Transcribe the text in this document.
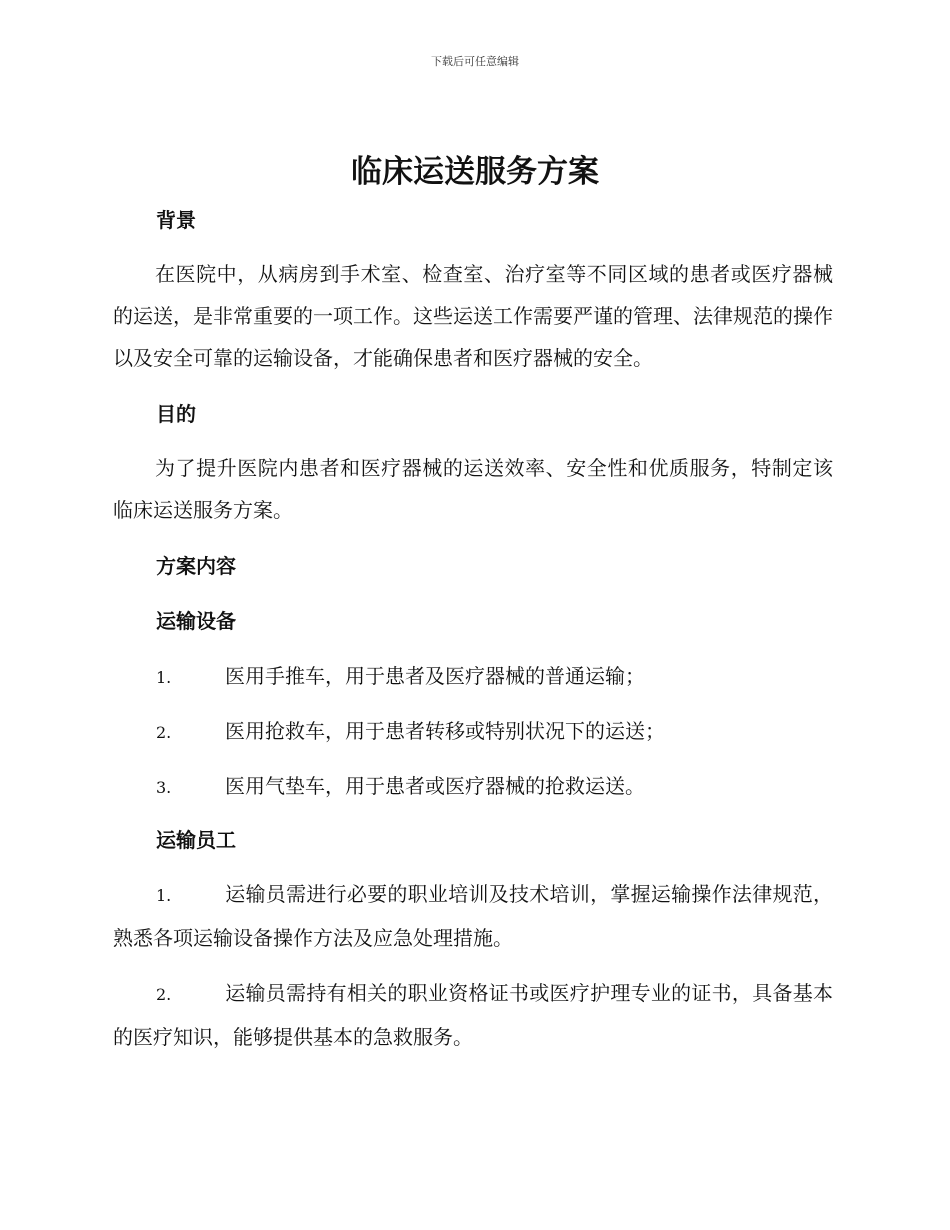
下载后可任意编辑
临床运送服务方案
背景

在医院中，从病房到手术室、检查室、治疗室等不同区域的患者或医疗器械的运送，是非常重要的一项工作。这些运送工作需要严谨的管理、法律规范的操作以及安全可靠的运输设备，才能确保患者和医疗器械的安全。

目的

为了提升医院内患者和医疗器械的运送效率、安全性和优质服务，特制定该临床运送服务方案。

方案内容
运输设备

1.	医用手推车，用于患者及医疗器械的普通运输；

2.	医用抢救车，用于患者转移或特别状况下的运送；

3.	医用气垫车，用于患者或医疗器械的抢救运送。

运输员工

1.	运输员需进行必要的职业培训及技术培训，掌握运输操作法律规范，熟悉各项运输设备操作方法及应急处理措施。

2.	运输员需持有相关的职业资格证书或医疗护理专业的证书，具备基本的医疗知识，能够提供基本的急救服务。
